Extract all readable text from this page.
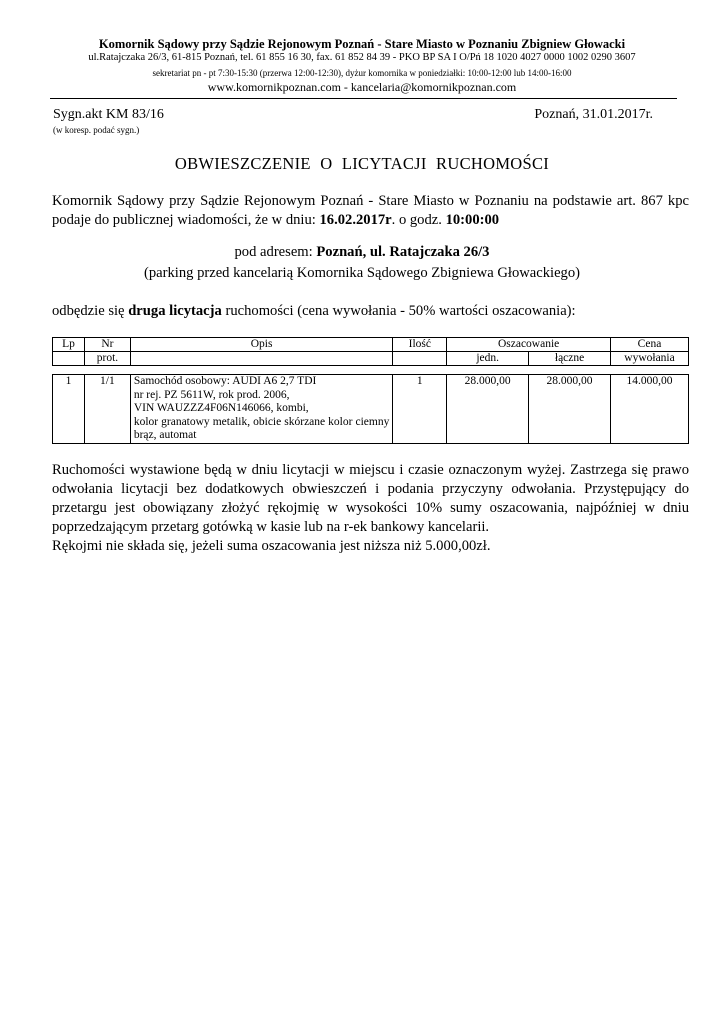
Komornik Sądowy przy Sądzie Rejonowym Poznań - Stare Miasto w Poznaniu Zbigniew Głowacki
ul.Ratajczaka 26/3, 61-815 Poznań, tel. 61 855 16 30, fax. 61 852 84 39 - PKO BP SA I O/Pń 18 1020 4027 0000 1002 0290 3607
sekretariat pn - pt 7:30-15:30 (przerwa 12:00-12:30), dyżur komornika w poniedziałki: 10:00-12:00 lub 14:00-16:00
www.komornikpoznan.com - kancelaria@komornikpoznan.com
Sygn.akt KM 83/16
(w koresp. podać sygn.)
Poznań, 31.01.2017r.
OBWIESZCZENIE O LICYTACJI RUCHOMOŚCI
Komornik Sądowy przy Sądzie Rejonowym Poznań - Stare Miasto w Poznaniu na podstawie art. 867 kpc podaje do publicznej wiadomości, że w dniu: 16.02.2017r. o godz. 10:00:00
pod adresem: Poznań, ul. Ratajczaka 26/3
(parking przed kancelarią Komornika Sądowego Zbigniewa Głowackiego)
odbędzie się druga licytacja ruchomości (cena wywołania - 50% wartości oszacowania):
Lp	Nr	Opis	Ilość	Oszacowanie		Cena
	prot.			jedn.	łączne	wywołania
1	1/1	Samochód osobowy: AUDI A6 2,7 TDI
nr rej. PZ 5611W, rok prod. 2006,
VIN WAUZZZ4F06N146066, kombi,
kolor granatowy metalik, obicie skórzane kolor ciemny brąz, automat
	1	28.000,00	28.000,00	14.000,00

Ruchomości wystawione będą w dniu licytacji w miejscu i czasie oznaczonym wyżej. Zastrzega się prawo odwołania licytacji bez dodatkowych obwieszczeń i podania przyczyny odwołania. Przystępujący do przetargu jest obowiązany złożyć rękojmię w wysokości 10% sumy oszacowania, najpóźniej w dniu poprzedzającym przetarg gotówką w kasie lub na r-ek bankowy kancelarii.

Rękojmi nie składa się, jeżeli suma oszacowania jest niższa niż 5.000,00zł.
